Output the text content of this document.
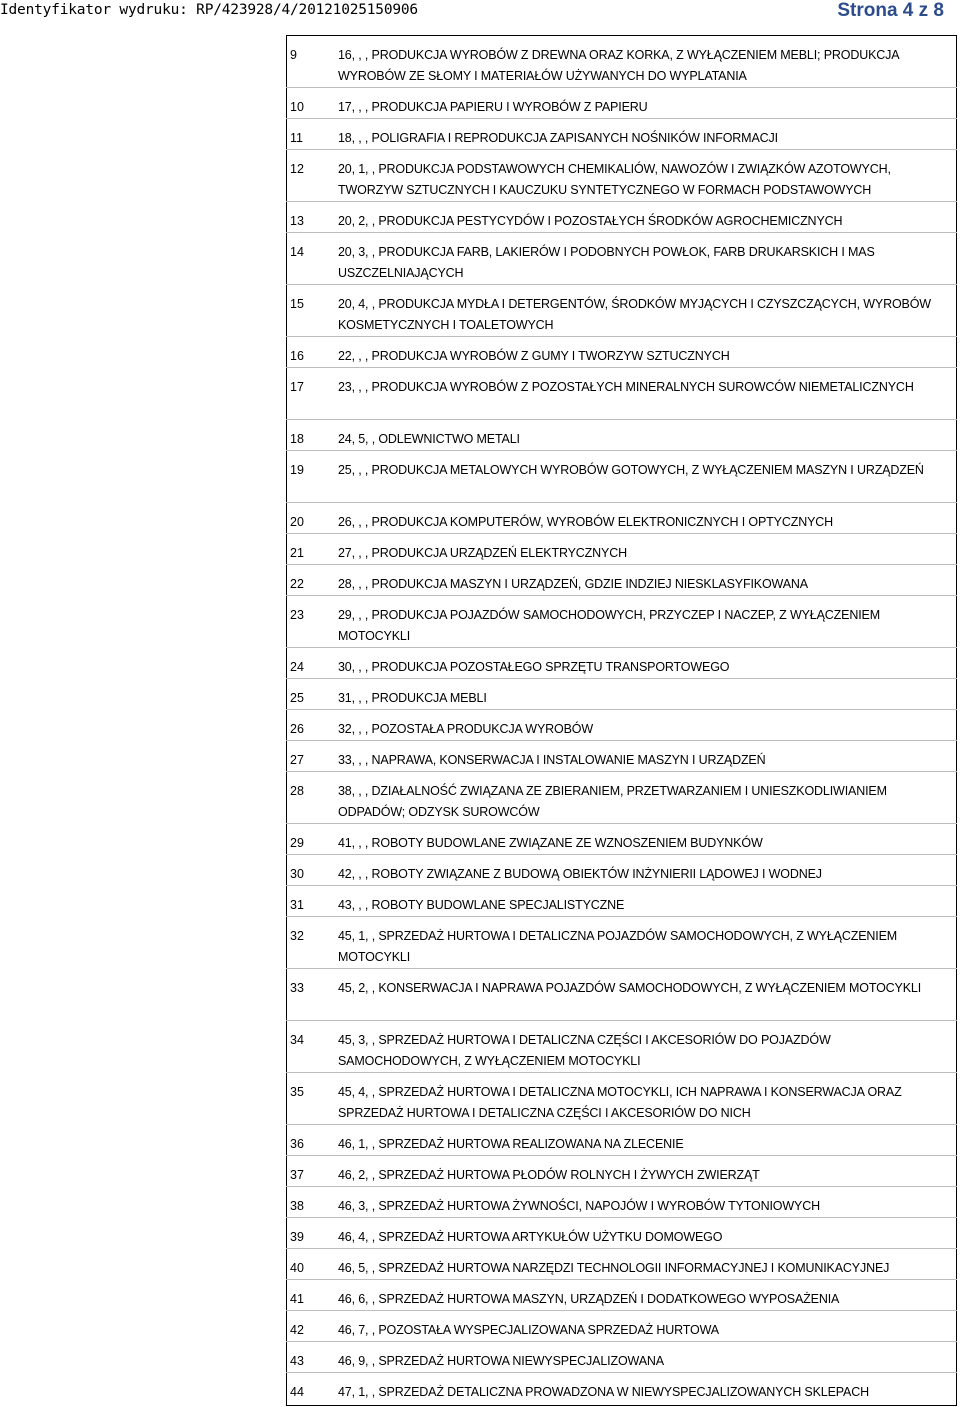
Identyfikator wydruku: RP/423928/4/20121025150906	Strona 4 z 8
9	16, , , PRODUKCJA WYROBÓW Z DREWNA ORAZ KORKA, Z WYŁĄCZENIEM MEBLI; PRODUKCJA WYROBÓW ZE SŁOMY I MATERIAŁÓW UŻYWANYCH DO WYPLATANIA
10	17, , , PRODUKCJA PAPIERU I WYROBÓW Z PAPIERU
11	18, , , POLIGRAFIA I REPRODUKCJA ZAPISANYCH NOŚNIKÓW INFORMACJI
12	20, 1, , PRODUKCJA PODSTAWOWYCH CHEMIKALIÓW, NAWOZÓW I ZWIĄZKÓW AZOTOWYCH, TWORZYW SZTUCZNYCH I KAUCZUKU SYNTETYCZNEGO W FORMACH PODSTAWOWYCH
13	20, 2, , PRODUKCJA PESTYCYDÓW I POZOSTAŁYCH ŚRODKÓW AGROCHEMICZNYCH
14	20, 3, , PRODUKCJA FARB, LAKIERÓW I PODOBNYCH POWŁOK, FARB DRUKARSKICH I MAS USZCZELNIAJĄCYCH
15	20, 4, , PRODUKCJA MYDŁA I DETERGENTÓW, ŚRODKÓW MYJĄCYCH I CZYSZCZĄCYCH, WYROBÓW KOSMETYCZNYCH I TOALETOWYCH
16	22, , , PRODUKCJA WYROBÓW Z GUMY I TWORZYW SZTUCZNYCH
17	23, , , PRODUKCJA WYROBÓW Z POZOSTAŁYCH MINERALNYCH SUROWCÓW NIEMETALICZNYCH
18	24, 5, , ODLEWNICTWO METALI
19	25, , , PRODUKCJA METALOWYCH WYROBÓW GOTOWYCH, Z WYŁĄCZENIEM MASZYN I URZĄDZEŃ
20	26, , , PRODUKCJA KOMPUTERÓW, WYROBÓW ELEKTRONICZNYCH I OPTYCZNYCH
21	27, , , PRODUKCJA URZĄDZEŃ ELEKTRYCZNYCH
22	28, , , PRODUKCJA MASZYN I URZĄDZEŃ, GDZIE INDZIEJ NIESKLASYFIKOWANA
23	29, , , PRODUKCJA POJAZDÓW SAMOCHODOWYCH, PRZYCZEP I NACZEP, Z WYŁĄCZENIEM MOTOCYKLI
24	30, , , PRODUKCJA POZOSTAŁEGO SPRZĘTU TRANSPORTOWEGO
25	31, , , PRODUKCJA MEBLI
26	32, , , POZOSTAŁA PRODUKCJA WYROBÓW
27	33, , , NAPRAWA, KONSERWACJA I INSTALOWANIE MASZYN I URZĄDZEŃ
28	38, , , DZIAŁALNOŚĆ ZWIĄZANA ZE ZBIERANIEM, PRZETWARZANIEM I UNIESZKODLIWIANIEM ODPADÓW; ODZYSK SUROWCÓW
29	41, , , ROBOTY BUDOWLANE ZWIĄZANE ZE WZNOSZENIEM BUDYNKÓW
30	42, , , ROBOTY ZWIĄZANE Z BUDOWĄ OBIEKTÓW INŻYNIERII LĄDOWEJ I WODNEJ
31	43, , , ROBOTY BUDOWLANE SPECJALISTYCZNE
32	45, 1, , SPRZEDAŻ HURTOWA I DETALICZNA POJAZDÓW SAMOCHODOWYCH, Z WYŁĄCZENIEM MOTOCYKLI
33	45, 2, , KONSERWACJA I NAPRAWA POJAZDÓW SAMOCHODOWYCH, Z WYŁĄCZENIEM MOTOCYKLI
34	45, 3, , SPRZEDAŻ HURTOWA I DETALICZNA CZĘŚCI I AKCESORIÓW DO POJAZDÓW SAMOCHODOWYCH, Z WYŁĄCZENIEM MOTOCYKLI
35	45, 4, , SPRZEDAŻ HURTOWA I DETALICZNA MOTOCYKLI, ICH NAPRAWA I KONSERWACJA ORAZ SPRZEDAŻ HURTOWA I DETALICZNA CZĘŚCI I AKCESORIÓW DO NICH
36	46, 1, , SPRZEDAŻ HURTOWA REALIZOWANA NA ZLECENIE
37	46, 2, , SPRZEDAŻ HURTOWA PŁODÓW ROLNYCH I ŻYWYCH ZWIERZĄT
38	46, 3, , SPRZEDAŻ HURTOWA ŻYWNOŚCI, NAPOJÓW I WYROBÓW TYTONIOWYCH
39	46, 4, , SPRZEDAŻ HURTOWA ARTYKUŁÓW UŻYTKU DOMOWEGO
40	46, 5, , SPRZEDAŻ HURTOWA NARZĘDZI TECHNOLOGII INFORMACYJNEJ I KOMUNIKACYJNEJ
41	46, 6, , SPRZEDAŻ HURTOWA MASZYN, URZĄDZEŃ I DODATKOWEGO WYPOSAŻENIA
42	46, 7, , POZOSTAŁA WYSPECJALIZOWANA SPRZEDAŻ HURTOWA
43	46, 9, , SPRZEDAŻ HURTOWA NIEWYSPECJALIZOWANA
44	47, 1, , SPRZEDAŻ DETALICZNA PROWADZONA W NIEWYSPECJALIZOWANYCH SKLEPACH
